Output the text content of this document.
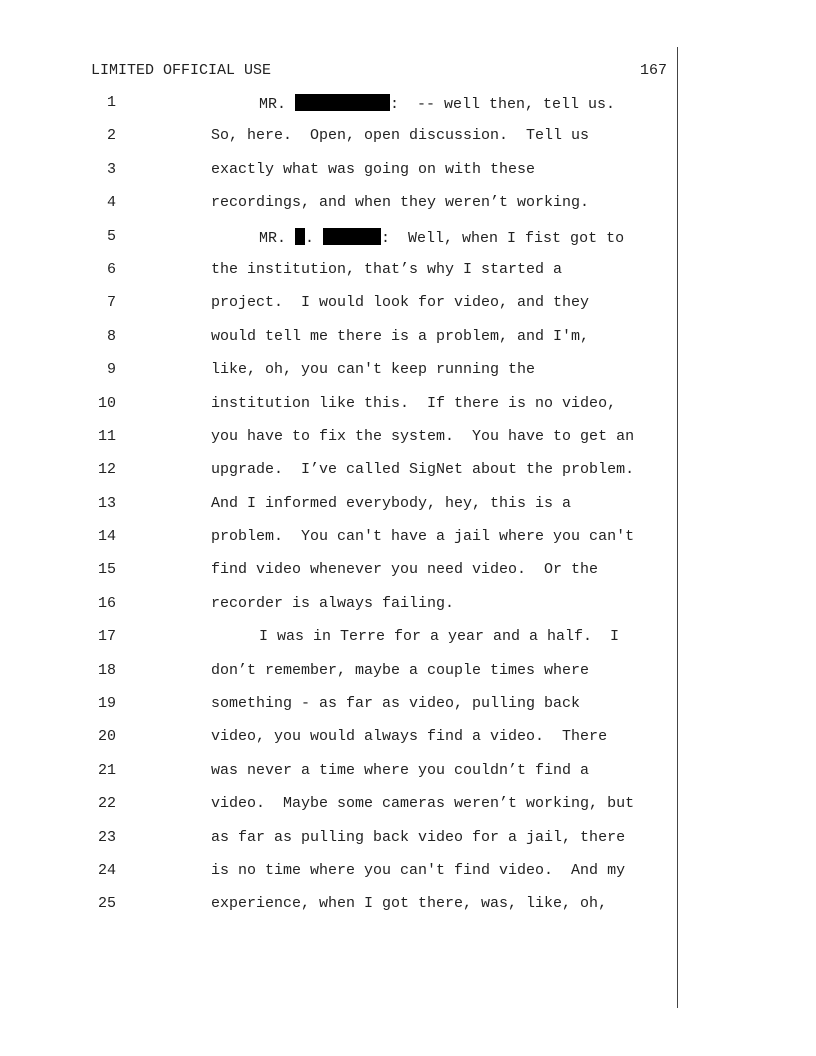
LIMITED OFFICIAL USE	167
1	MR.	:  -- well then, tell us.
2	So, here.  Open, open discussion.  Tell us
3	exactly what was going on with these
4	recordings, and when they weren’t working.
5	MR. .	:  Well, when I fist got to
6	the institution, that’s why I started a
7	project.  I would look for video, and they
8	would tell me there is a problem, and I'm,
9	like, oh, you can't keep running the
10	institution like this.  If there is no video,
11	you have to fix the system.  You have to get an
12	upgrade.  I’ve called SigNet about the problem.
13	And I informed everybody, hey, this is a
14	problem.  You can't have a jail where you can't
15	find video whenever you need video.  Or the
16	recorder is always failing.
17	I was in Terre for a year and a half.  I
18	don’t remember, maybe a couple times where
19	something - as far as video, pulling back
20	video, you would always find a video.  There
21	was never a time where you couldn’t find a
22	video.  Maybe some cameras weren’t working, but
23	as far as pulling back video for a jail, there
24	is no time where you can't find video.  And my
25	experience, when I got there, was, like, oh,
